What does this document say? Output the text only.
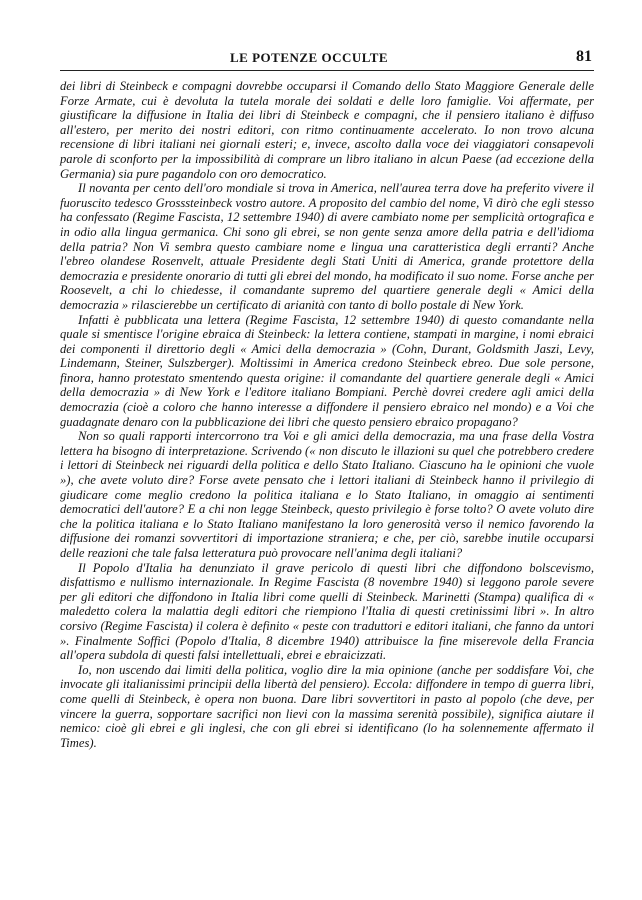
LE POTENZE OCCULTE	81

dei libri di Steinbeck e compagni dovrebbe occuparsi il Comando dello Stato Maggiore Generale delle Forze Armate, cui è devoluta la tutela morale dei soldati e delle loro famiglie. Voi affermate, per giustificare la diffusione in Italia dei libri di Steinbeck e compagni, che il pensiero italiano è diffuso all'estero, per merito dei nostri editori, con ritmo continuamente accelerato. Io non trovo alcuna recensione di libri italiani nei giornali esteri; e, invece, ascolto dalla voce dei viaggiatori consapevoli parole di sconforto per la impossibilità di comprare un libro italiano in alcun Paese (ad eccezione della Germania) sia pure pagandolo con oro democratico.

Il novanta per cento dell'oro mondiale si trova in America, nell'aurea terra dove ha preferito vivere il fuoruscito tedesco Grosssteinbeck vostro autore. A proposito del cambio del nome, Vi dirò che egli stesso ha confessato (Regime Fascista, 12 settembre 1940) di avere cambiato nome per semplicità ortografica e in odio alla lingua germanica. Chi sono gli ebrei, se non gente senza amore della patria e dell'idioma della patria? Non Vi sembra questo cambiare nome e lingua una caratteristica degli erranti? Anche l'ebreo olandese Rosenvelt, attuale Presidente degli Stati Uniti di America, grande protettore della democrazia e presidente onorario di tutti gli ebrei del mondo, ha modificato il suo nome. Forse anche per Roosevelt, a chi lo chiedesse, il comandante supremo del quartiere generale degli « Amici della democrazia » rilascierebbe un certificato di arianità con tanto di bollo postale di New York.

Infatti è pubblicata una lettera (Regime Fascista, 12 settembre 1940) di questo comandante nella quale si smentisce l'origine ebraica di Steinbeck: la lettera contiene, stampati in margine, i nomi ebraici dei componenti il direttorio degli « Amici della democrazia » (Cohn, Durant, Goldsmith Jaszi, Levy, Lindemann, Steiner, Sulszberger). Moltissimi in America credono Steinbeck ebreo. Due sole persone, finora, hanno protestato smentendo questa origine: il comandante del quartiere generale degli « Amici della democrazia » di New York e l'editore italiano Bompiani. Perchè dovrei credere agli amici della democrazia (cioè a coloro che hanno interesse a diffondere il pensiero ebraico nel mondo) e a Voi che guadagnate denaro con la pubblicazione dei libri che questo pensiero ebraico propagano?

Non so quali rapporti intercorrono tra Voi e gli amici della democrazia, ma una frase della Vostra lettera ha bisogno di interpretazione. Scrivendo (« non discuto le illazioni su quel che potrebbero credere i lettori di Steinbeck nei riguardi della politica e dello Stato Italiano. Ciascuno ha le opinioni che vuole »), che avete voluto dire? Forse avete pensato che i lettori italiani di Steinbeck hanno il privilegio di giudicare come meglio credono la politica italiana e lo Stato Italiano, in omaggio ai sentimenti democratici dell'autore? E a chi non legge Steinbeck, questo privilegio è forse tolto? O avete voluto dire che la politica italiana e lo Stato Italiano manifestano la loro generosità verso il nemico favorendo la diffusione dei romanzi sovvertitori di importazione straniera; e che, per ciò, sarebbe inutile occuparsi delle reazioni che tale falsa letteratura può provocare nell'anima degli italiani?

Il Popolo d'Italia ha denunziato il grave pericolo di questi libri che diffondono bolscevismo, disfattismo e nullismo internazionale. In Regime Fascista (8 novembre 1940) si leggono parole severe per gli editori che diffondono in Italia libri come quelli di Steinbeck. Marinetti (Stampa) qualifica di « maledetto colera la malattia degli editori che riempiono l'Italia di questi cretinissimi libri ». In altro corsivo (Regime Fascista) il colera è definito « peste con traduttori e editori italiani, che fanno da untori ». Finalmente Soffici (Popolo d'Italia, 8 dicembre 1940) attribuisce la fine miserevole della Francia all'opera subdola di questi falsi intellettuali, ebrei e ebraicizzati.

Io, non uscendo dai limiti della politica, voglio dire la mia opinione (anche per soddisfare Voi, che invocate gli italianissimi principii della libertà del pensiero). Eccola: diffondere in tempo di guerra libri, come quelli di Steinbeck, è opera non buona. Dare libri sovvertitori in pasto al popolo (che deve, per vincere la guerra, sopportare sacrifici non lievi con la massima serenità possibile), significa aiutare il nemico: cioè gli ebrei e gli inglesi, che con gli ebrei si identificano (lo ha solennemente affermato il Times).
